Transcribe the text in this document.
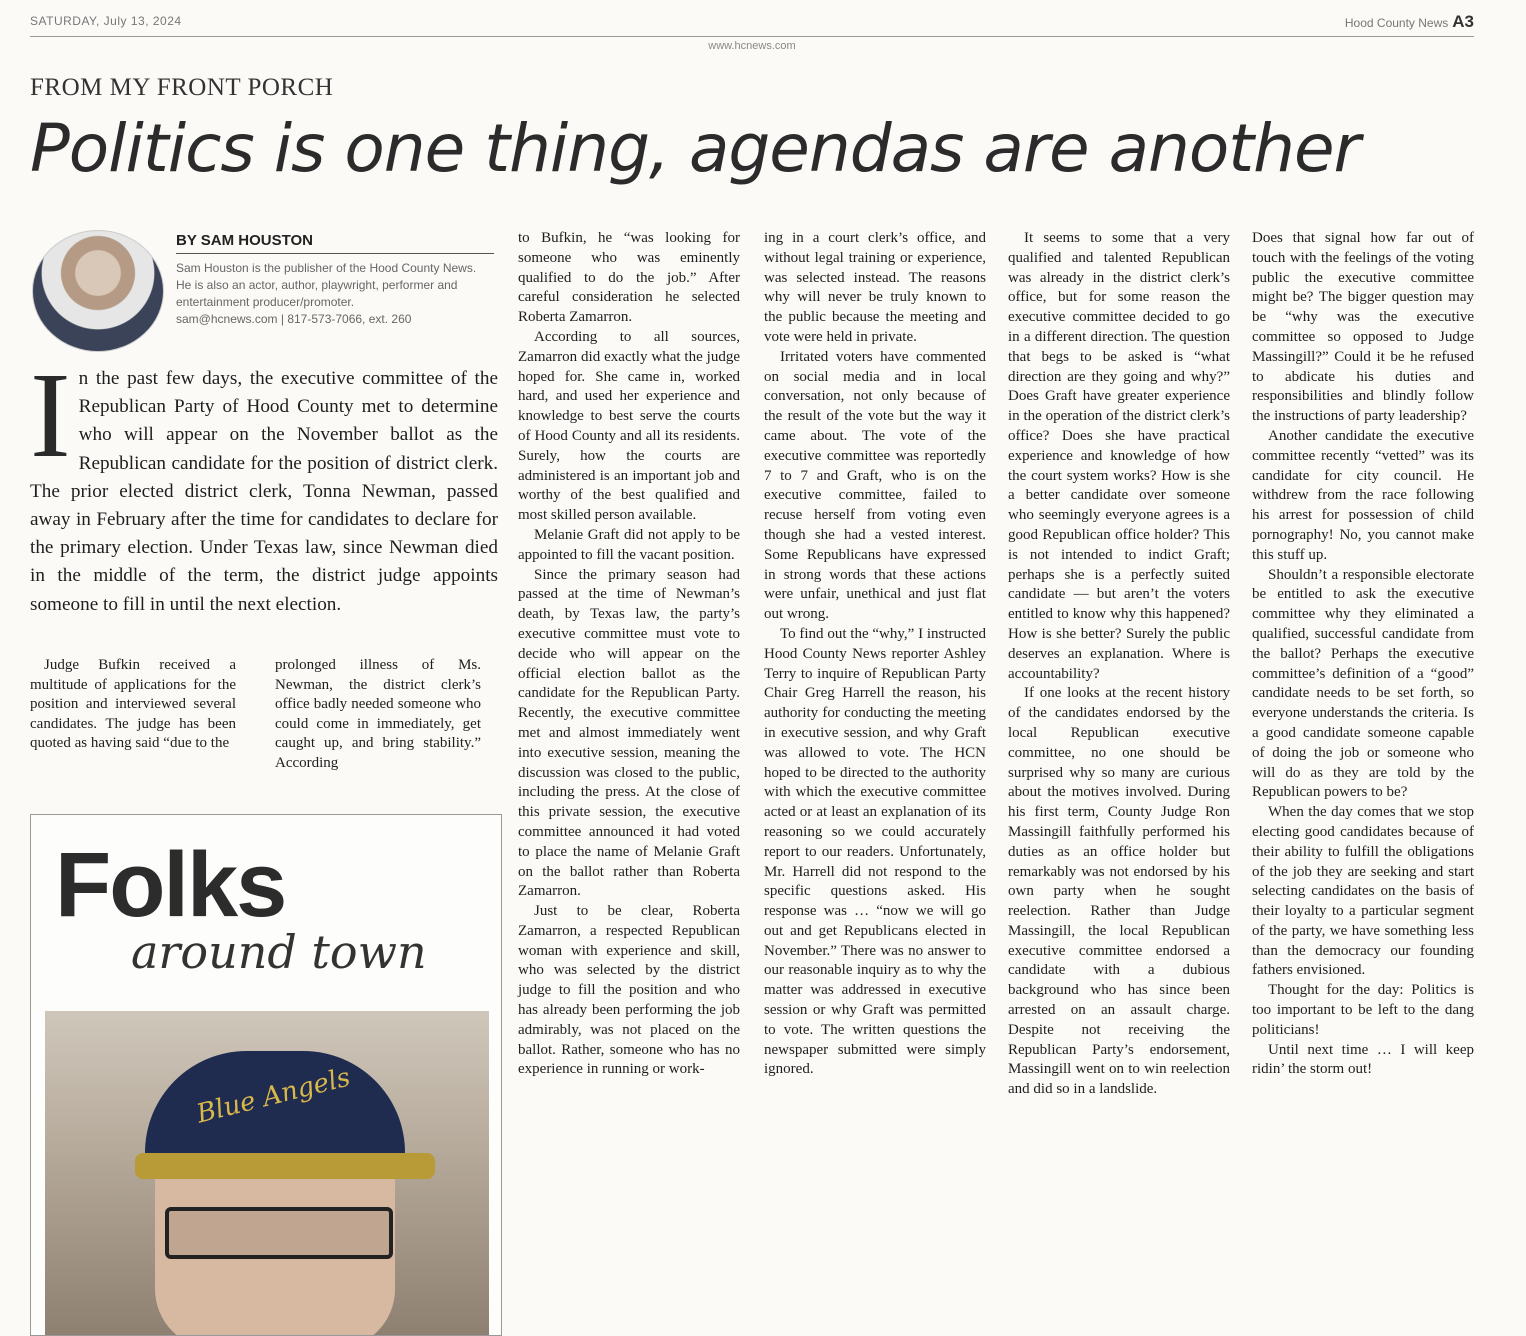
SATURDAY, July 13, 2024	Hood County News A3
www.hcnews.com
FROM MY FRONT PORCH
Politics is one thing, agendas are another
BY SAM HOUSTON
Sam Houston is the publisher of the Hood County News. He is also an actor, author, playwright, performer and entertainment producer/promoter.
sam@hcnews.com | 817-573-7066, ext. 260
In the past few days, the executive committee of the Republican Party of Hood County met to determine who will appear on the November ballot as the Republican candidate for the position of district clerk. The prior elected district clerk, Tonna Newman, passed away in February after the time for candidates to declare for the primary election. Under Texas law, since Newman died in the middle of the term, the district judge appoints someone to fill in until the next election.
Judge Bufkin received a multitude of applications for the position and interviewed several candidates. The judge has been quoted as having said “due to the
prolonged illness of Ms. Newman, the district clerk’s office badly needed someone who could come in immediately, get caught up, and bring stability.” According

to Bufkin, he “was looking for someone who was eminently qualified to do the job.” After careful consideration he selected Roberta Zamarron.

According to all sources, Zamarron did exactly what the judge hoped for. She came in, worked hard, and used her experience and knowledge to best serve the courts of Hood County and all its residents. Surely, how the courts are administered is an important job and worthy of the best qualified and most skilled person available.

Melanie Graft did not apply to be appointed to fill the vacant position.

Since the primary season had passed at the time of Newman’s death, by Texas law, the party’s executive committee must vote to decide who will appear on the official election ballot as the candidate for the Republican Party. Recently, the executive committee met and almost immediately went into executive session, meaning the discussion was closed to the public, including the press. At the close of this private session, the executive committee announced it had voted to place the name of Melanie Graft on the ballot rather than Roberta Zamarron.

Just to be clear, Roberta Zamarron, a respected Republican woman with experience and skill, who was selected by the district judge to fill the position and who has already been performing the job admirably, was not placed on the ballot. Rather, someone who has no experience in running or work-

ing in a court clerk’s office, and without legal training or experience, was selected instead. The reasons why will never be truly known to the public because the meeting and vote were held in private.

Irritated voters have commented on social media and in local conversation, not only because of the result of the vote but the way it came about. The vote of the executive committee was reportedly 7 to 7 and Graft, who is on the executive committee, failed to recuse herself from voting even though she had a vested interest. Some Republicans have expressed in strong words that these actions were unfair, unethical and just flat out wrong.

To find out the “why,” I instructed Hood County News reporter Ashley Terry to inquire of Republican Party Chair Greg Harrell the reason, his authority for conducting the meeting in executive session, and why Graft was allowed to vote. The HCN hoped to be directed to the authority with which the executive committee acted or at least an explanation of its reasoning so we could accurately report to our readers. Unfortunately, Mr. Harrell did not respond to the specific questions asked. His response was … “now we will go out and get Republicans elected in November.” There was no answer to our reasonable inquiry as to why the matter was addressed in executive session or why Graft was permitted to vote. The written questions the newspaper submitted were simply ignored.

It seems to some that a very qualified and talented Republican was already in the district clerk’s office, but for some reason the executive committee decided to go in a different direction. The question that begs to be asked is “what direction are they going and why?” Does Graft have greater experience in the operation of the district clerk’s office? Does she have practical experience and knowledge of how the court system works? How is she a better candidate over someone who seemingly everyone agrees is a good Republican office holder? This is not intended to indict Graft; perhaps she is a perfectly suited candidate — but aren’t the voters entitled to know why this happened? How is she better? Surely the public deserves an explanation. Where is accountability?

If one looks at the recent history of the candidates endorsed by the local Republican executive committee, no one should be surprised why so many are curious about the motives involved. During his first term, County Judge Ron Massingill faithfully performed his duties as an office holder but remarkably was not endorsed by his own party when he sought reelection. Rather than Judge Massingill, the local Republican executive committee endorsed a candidate with a dubious background who has since been arrested on an assault charge. Despite not receiving the Republican Party’s endorsement, Massingill went on to win reelection and did so in a landslide.

Does that signal how far out of touch with the feelings of the voting public the executive committee might be? The bigger question may be “why was the executive committee so opposed to Judge Massingill?” Could it be he refused to abdicate his duties and responsibilities and blindly follow the instructions of party leadership?

Another candidate the executive committee recently “vetted” was its candidate for city council. He withdrew from the race following his arrest for possession of child pornography! No, you cannot make this stuff up.

Shouldn’t a responsible electorate be entitled to ask the executive committee why they eliminated a qualified, successful candidate from the ballot? Perhaps the executive committee’s definition of a “good” candidate needs to be set forth, so everyone understands the criteria. Is a good candidate someone capable of doing the job or someone who will do as they are told by the Republican powers to be?

When the day comes that we stop electing good candidates because of their ability to fulfill the obligations of the job they are seeking and start selecting candidates on the basis of their loyalty to a particular segment of the party, we have something less than the democracy our founding fathers envisioned.

Thought for the day: Politics is too important to be left to the dang politicians!

Until next time … I will keep ridin’ the storm out!

Folks
around town
Blue Angels
